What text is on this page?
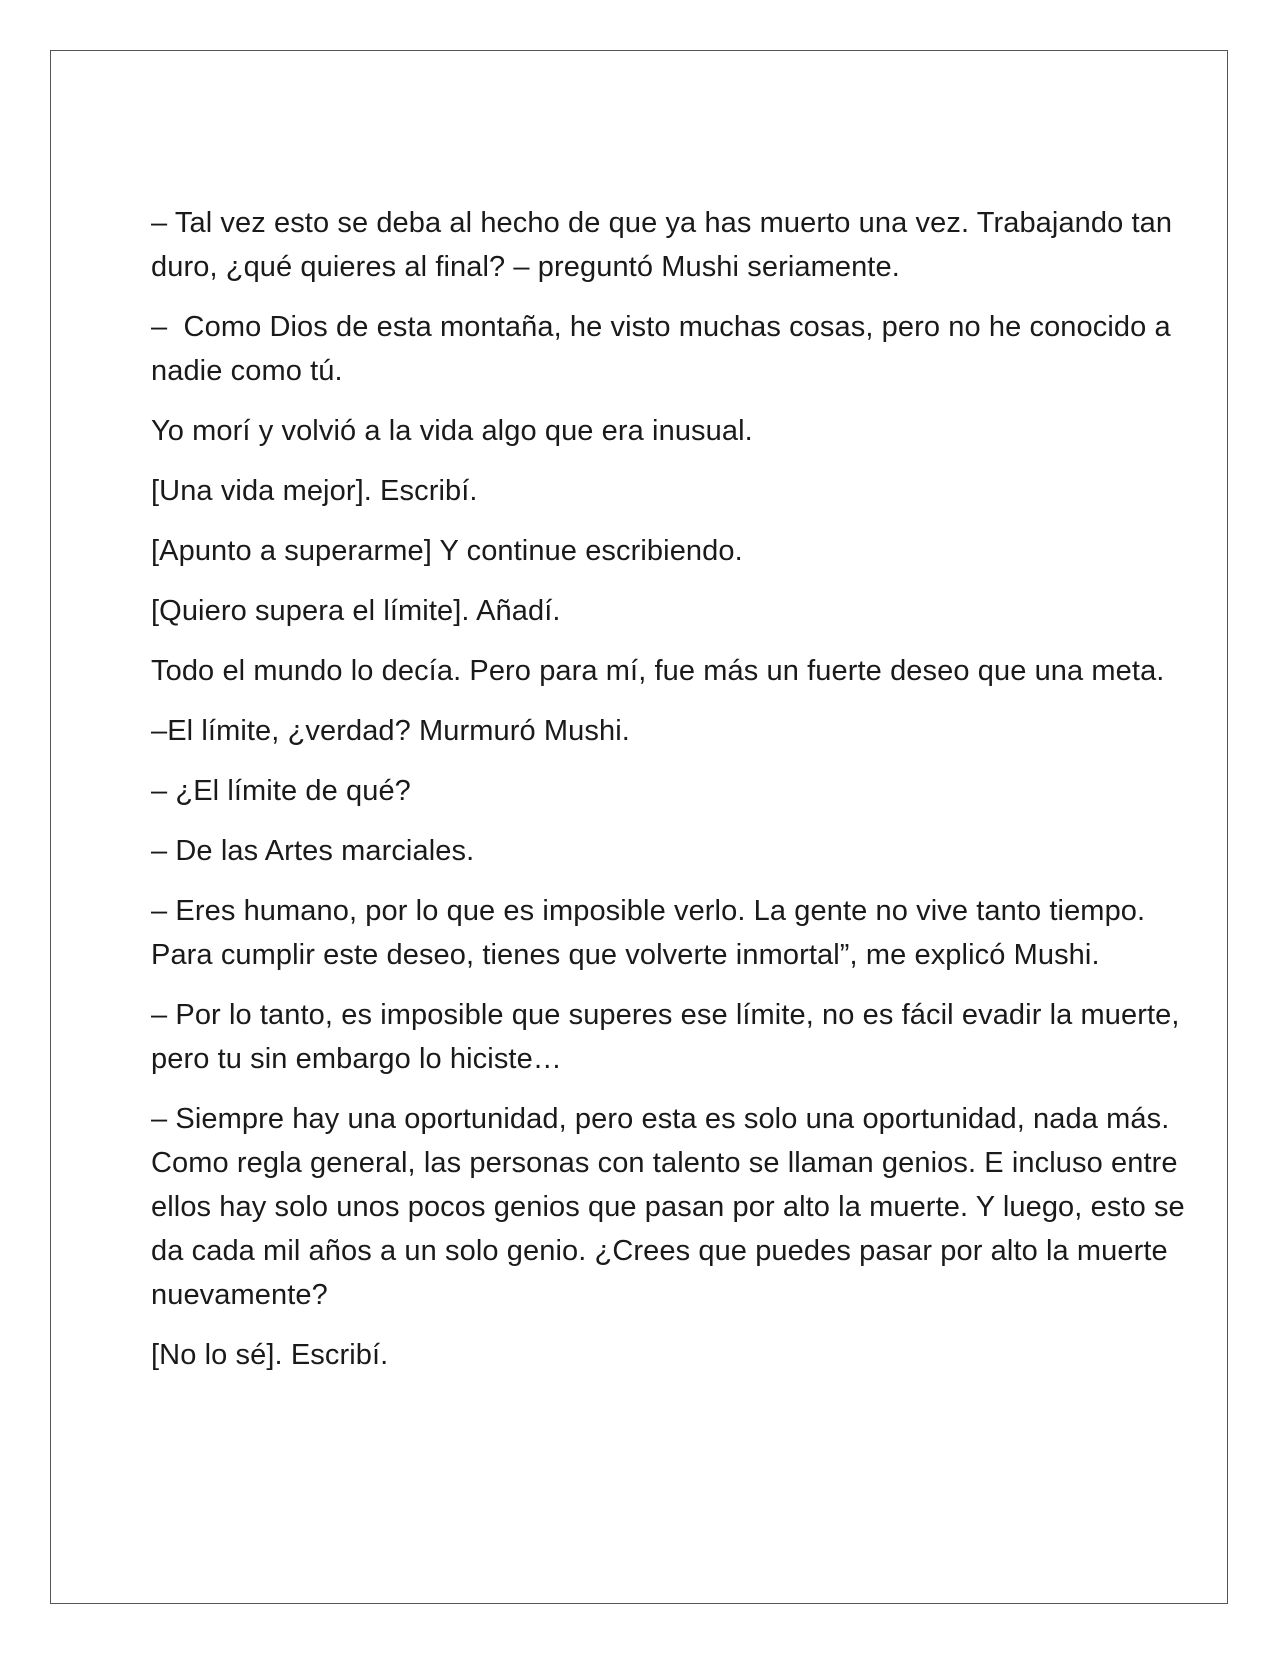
– Tal vez esto se deba al hecho de que ya has muerto una vez. Trabajando tan duro, ¿qué quieres al final? – preguntó Mushi seriamente.

–  Como Dios de esta montaña, he visto muchas cosas, pero no he conocido a nadie como tú.

Yo morí y volvió a la vida algo que era inusual.

[Una vida mejor]. Escribí.

[Apunto a superarme] Y continue escribiendo.

[Quiero supera el límite]. Añadí.

Todo el mundo lo decía. Pero para mí, fue más un fuerte deseo que una meta.

–El límite, ¿verdad? Murmuró Mushi.

– ¿El límite de qué?

– De las Artes marciales.

– Eres humano, por lo que es imposible verlo. La gente no vive tanto tiempo. Para cumplir este deseo, tienes que volverte inmortal”, me explicó Mushi.

– Por lo tanto, es imposible que superes ese límite, no es fácil evadir la muerte, pero tu sin embargo lo hiciste…

– Siempre hay una oportunidad, pero esta es solo una oportunidad, nada más. Como regla general, las personas con talento se llaman genios. E incluso entre ellos hay solo unos pocos genios que pasan por alto la muerte. Y luego, esto se da cada mil años a un solo genio. ¿Crees que puedes pasar por alto la muerte nuevamente?

[No lo sé]. Escribí.
